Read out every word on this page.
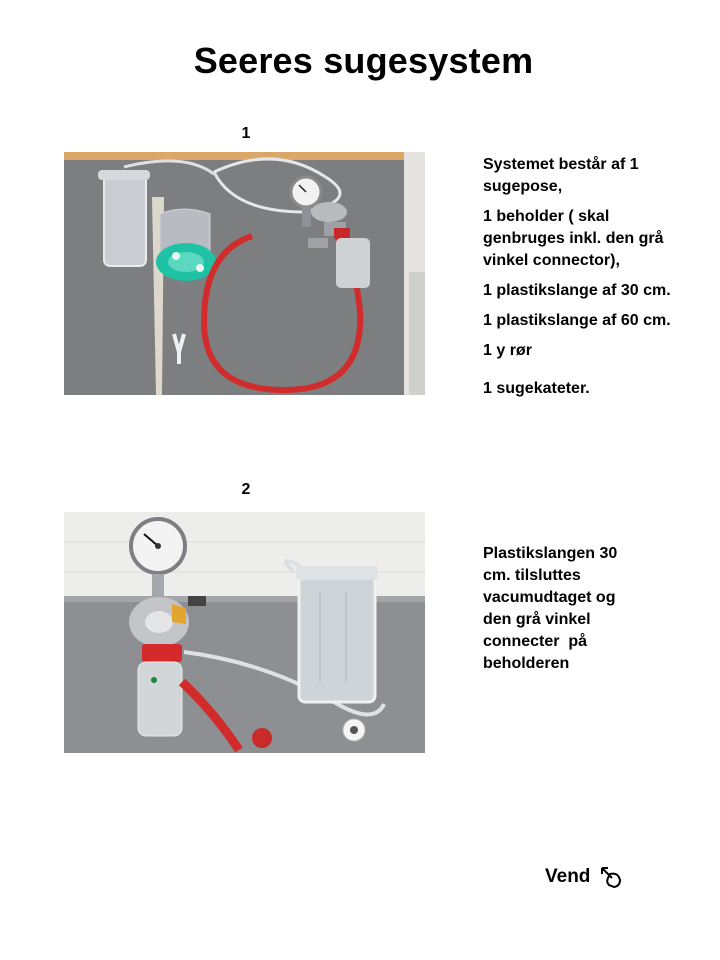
Seeres sugesystem
1

Systemet består af 1 sugepose,

1 beholder ( skal genbruges inkl. den grå vinkel connector),

1 plastikslange af 30 cm.

1 plastikslange af 60 cm.

1 y rør

1 sugekateter.

2
Plastikslangen 30
cm. tilsluttes
vacumudtaget og
den grå vinkel
connecter  på
beholderen
Vend
